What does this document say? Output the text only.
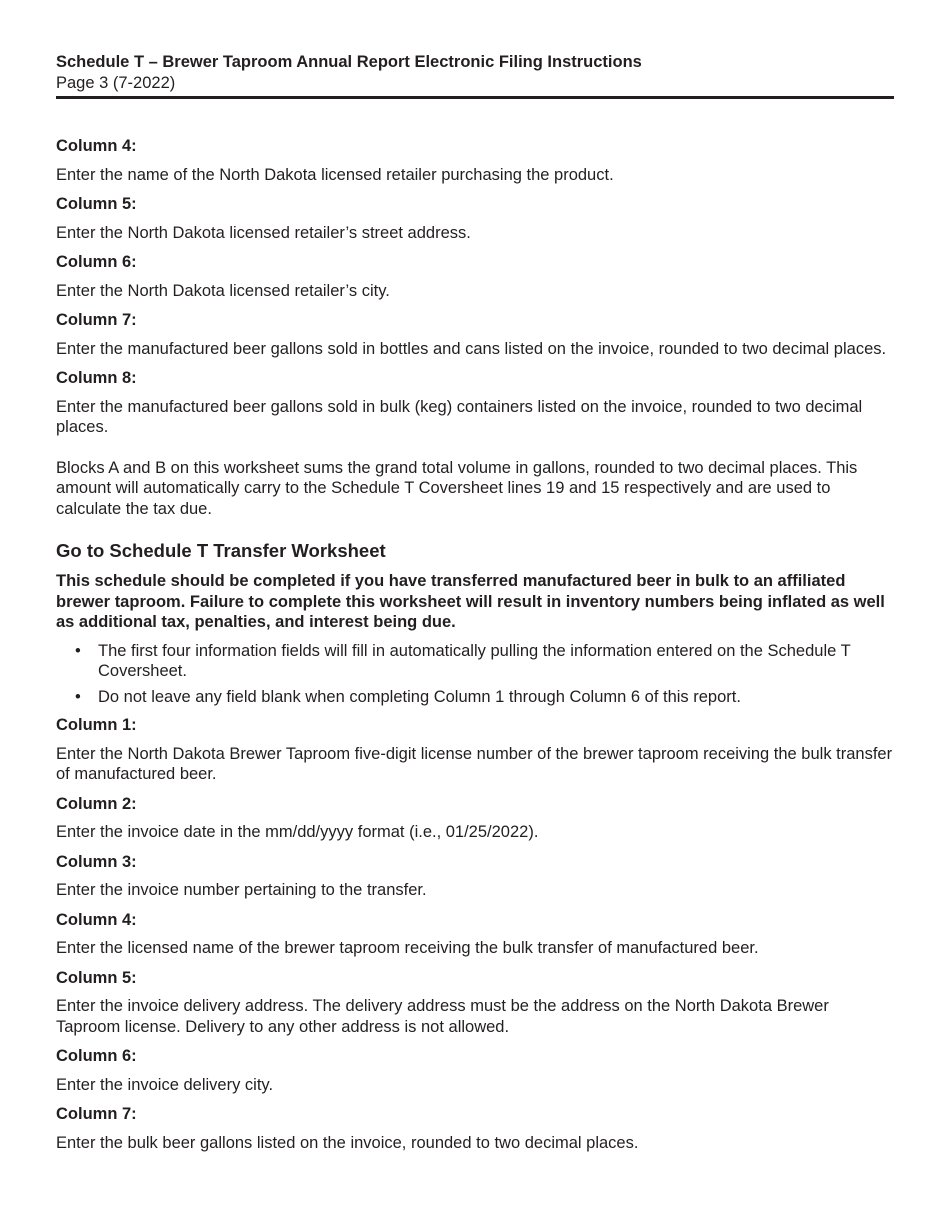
Schedule T – Brewer Taproom Annual Report Electronic Filing Instructions
Page 3 (7-2022)

Column 4:

Enter the name of the North Dakota licensed retailer purchasing the product.

Column 5:

Enter the North Dakota licensed retailer’s street address.

Column 6:

Enter the North Dakota licensed retailer’s city.

Column 7:

Enter the manufactured beer gallons sold in bottles and cans listed on the invoice, rounded to two decimal places.

Column 8:

Enter the manufactured beer gallons sold in bulk (keg) containers listed on the invoice, rounded to two decimal places.

Blocks A and B on this worksheet sums the grand total volume in gallons, rounded to two decimal places. This amount will automatically carry to the Schedule T Coversheet lines 19 and 15 respectively and are used to calculate the tax due.

Go to Schedule T Transfer Worksheet

This schedule should be completed if you have transferred manufactured beer in bulk to an affiliated brewer taproom. Failure to complete this worksheet will result in inventory numbers being inflated as well as additional tax, penalties, and interest being due.

• The first four information fields will fill in automatically pulling the information entered on the Schedule T Coversheet.
• Do not leave any field blank when completing Column 1 through Column 6 of this report.

Column 1:

Enter the North Dakota Brewer Taproom five-digit license number of the brewer taproom receiving the bulk transfer of manufactured beer.

Column 2:

Enter the invoice date in the mm/dd/yyyy format (i.e., 01/25/2022).

Column 3:

Enter the invoice number pertaining to the transfer.

Column 4:

Enter the licensed name of the brewer taproom receiving the bulk transfer of manufactured beer.

Column 5:

Enter the invoice delivery address. The delivery address must be the address on the North Dakota Brewer Taproom license. Delivery to any other address is not allowed.

Column 6:

Enter the invoice delivery city.

Column 7:

Enter the bulk beer gallons listed on the invoice, rounded to two decimal places.
